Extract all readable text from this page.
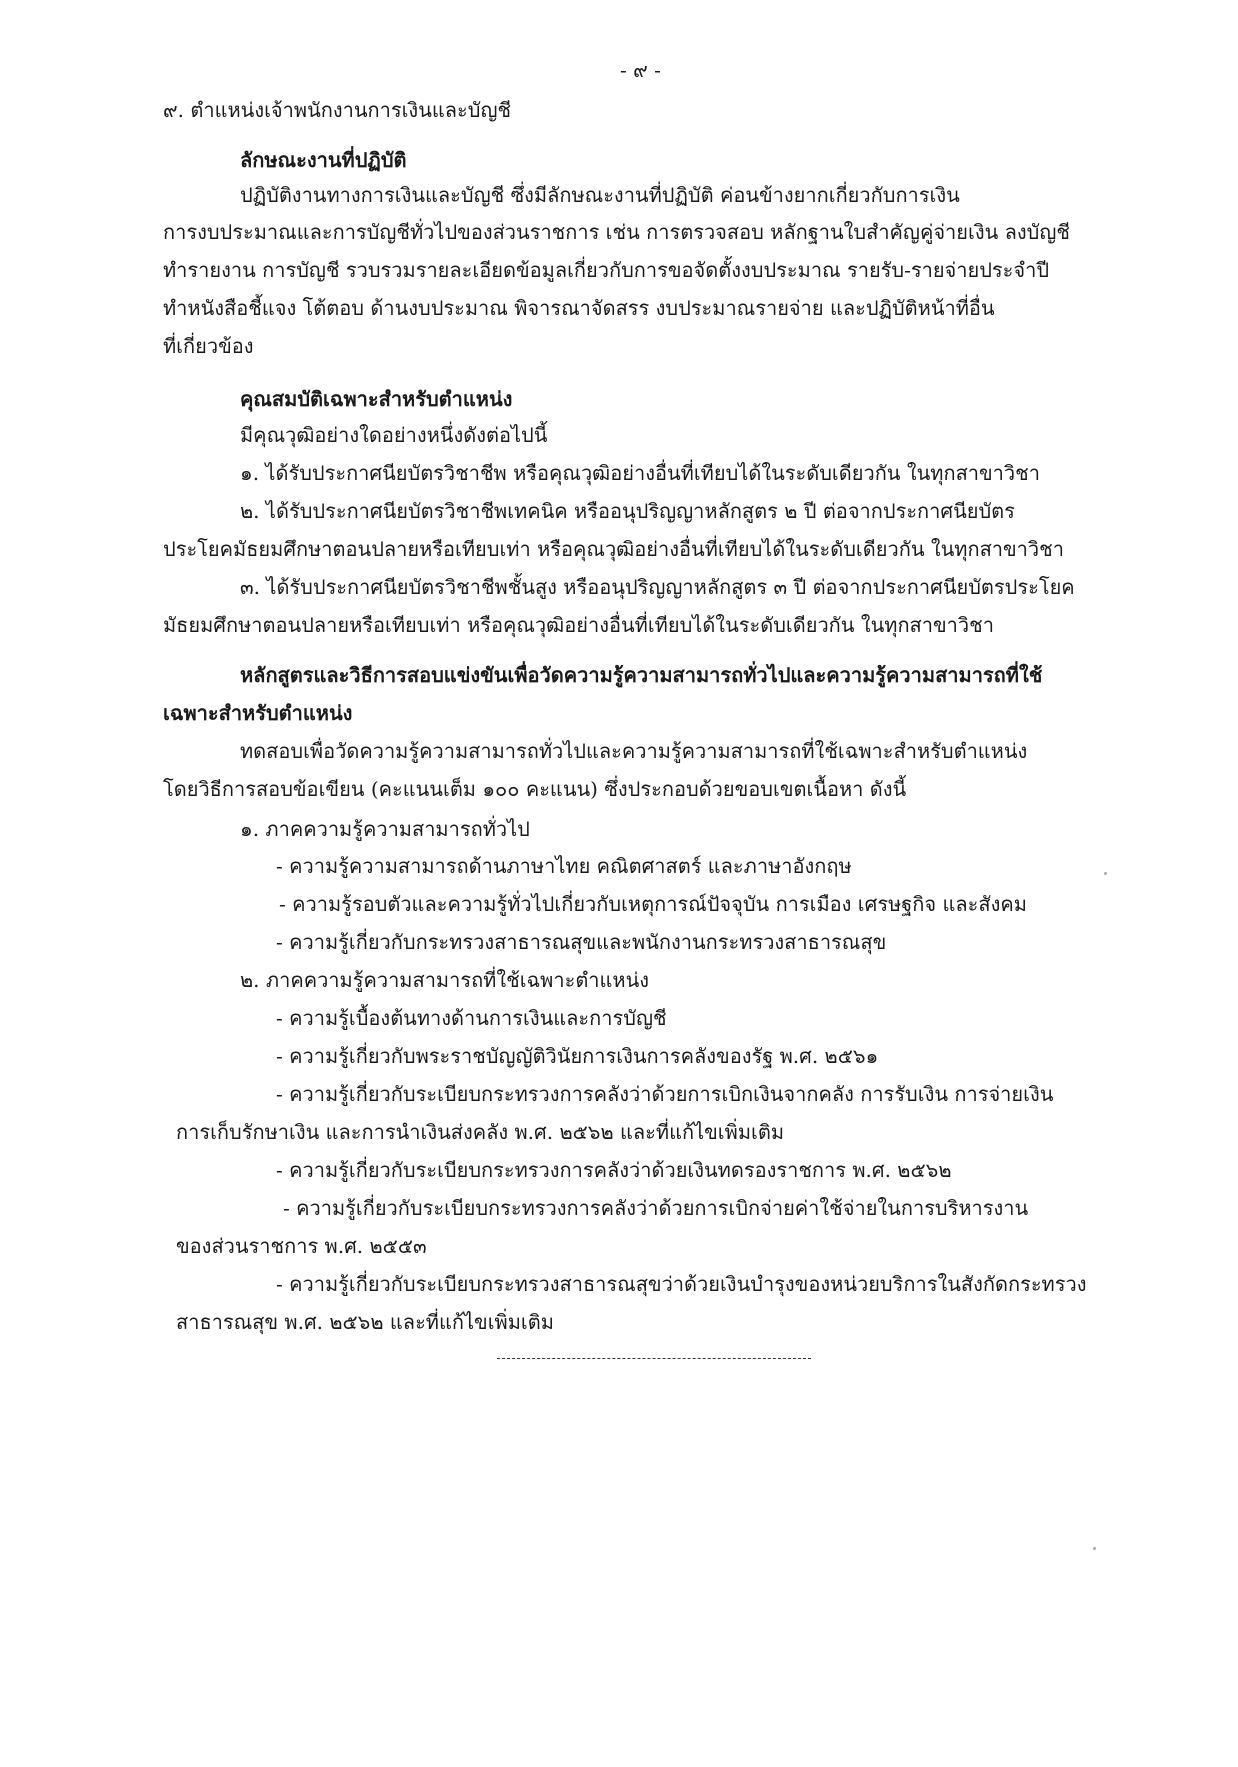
- ๙ -
๙. ตำแหน่งเจ้าพนักงานการเงินและบัญชี
ลักษณะงานที่ปฏิบัติ
ปฏิบัติงานทางการเงินและบัญชี ซึ่งมีลักษณะงานที่ปฏิบัติ ค่อนข้างยากเกี่ยวกับการเงิน
การงบประมาณและการบัญชีทั่วไปของส่วนราชการ เช่น การตรวจสอบ หลักฐานใบสำคัญคู่จ่ายเงิน ลงบัญชี
ทำรายงาน การบัญชี รวบรวมรายละเอียดข้อมูลเกี่ยวกับการขอจัดตั้งงบประมาณ รายรับ-รายจ่ายประจำปี
ทำหนังสือชี้แจง โต้ตอบ ด้านงบประมาณ พิจารณาจัดสรร งบประมาณรายจ่าย และปฏิบัติหน้าที่อื่น
ที่เกี่ยวข้อง
คุณสมบัติเฉพาะสำหรับตำแหน่ง
มีคุณวุฒิอย่างใดอย่างหนึ่งดังต่อไปนี้
๑. ได้รับประกาศนียบัตรวิชาชีพ หรือคุณวุฒิอย่างอื่นที่เทียบได้ในระดับเดียวกัน ในทุกสาขาวิชา
๒. ได้รับประกาศนียบัตรวิชาชีพเทคนิค หรืออนุปริญญาหลักสูตร ๒ ปี ต่อจากประกาศนียบัตร
ประโยคมัธยมศึกษาตอนปลายหรือเทียบเท่า หรือคุณวุฒิอย่างอื่นที่เทียบได้ในระดับเดียวกัน ในทุกสาขาวิชา
๓. ได้รับประกาศนียบัตรวิชาชีพชั้นสูง หรืออนุปริญญาหลักสูตร ๓ ปี ต่อจากประกาศนียบัตรประโยค
มัธยมศึกษาตอนปลายหรือเทียบเท่า หรือคุณวุฒิอย่างอื่นที่เทียบได้ในระดับเดียวกัน ในทุกสาขาวิชา
หลักสูตรและวิธีการสอบแข่งขันเพื่อวัดความรู้ความสามารถทั่วไปและความรู้ความสามารถที่ใช้
เฉพาะสำหรับตำแหน่ง
ทดสอบเพื่อวัดความรู้ความสามารถทั่วไปและความรู้ความสามารถที่ใช้เฉพาะสำหรับตำแหน่ง
โดยวิธีการสอบข้อเขียน (คะแนนเต็ม ๑๐๐ คะแนน) ซึ่งประกอบด้วยขอบเขตเนื้อหา ดังนี้
๑. ภาคความรู้ความสามารถทั่วไป
- ความรู้ความสามารถด้านภาษาไทย คณิตศาสตร์ และภาษาอังกฤษ
- ความรู้รอบตัวและความรู้ทั่วไปเกี่ยวกับเหตุการณ์ปัจจุบัน การเมือง เศรษฐกิจ และสังคม
- ความรู้เกี่ยวกับกระทรวงสาธารณสุขและพนักงานกระทรวงสาธารณสุข
๒. ภาคความรู้ความสามารถที่ใช้เฉพาะตำแหน่ง
- ความรู้เบื้องต้นทางด้านการเงินและการบัญชี
- ความรู้เกี่ยวกับพระราชบัญญัติวินัยการเงินการคลังของรัฐ พ.ศ. ๒๕๖๑
- ความรู้เกี่ยวกับระเบียบกระทรวงการคลังว่าด้วยการเบิกเงินจากคลัง การรับเงิน การจ่ายเงิน
การเก็บรักษาเงิน และการนำเงินส่งคลัง พ.ศ. ๒๕๖๒ และที่แก้ไขเพิ่มเติม
- ความรู้เกี่ยวกับระเบียบกระทรวงการคลังว่าด้วยเงินทดรองราชการ พ.ศ. ๒๕๖๒
- ความรู้เกี่ยวกับระเบียบกระทรวงการคลังว่าด้วยการเบิกจ่ายค่าใช้จ่ายในการบริหารงาน
ของส่วนราชการ พ.ศ. ๒๕๕๓
- ความรู้เกี่ยวกับระเบียบกระทรวงสาธารณสุขว่าด้วยเงินบำรุงของหน่วยบริการในสังกัดกระทรวง
สาธารณสุข พ.ศ. ๒๕๖๒ และที่แก้ไขเพิ่มเติม
